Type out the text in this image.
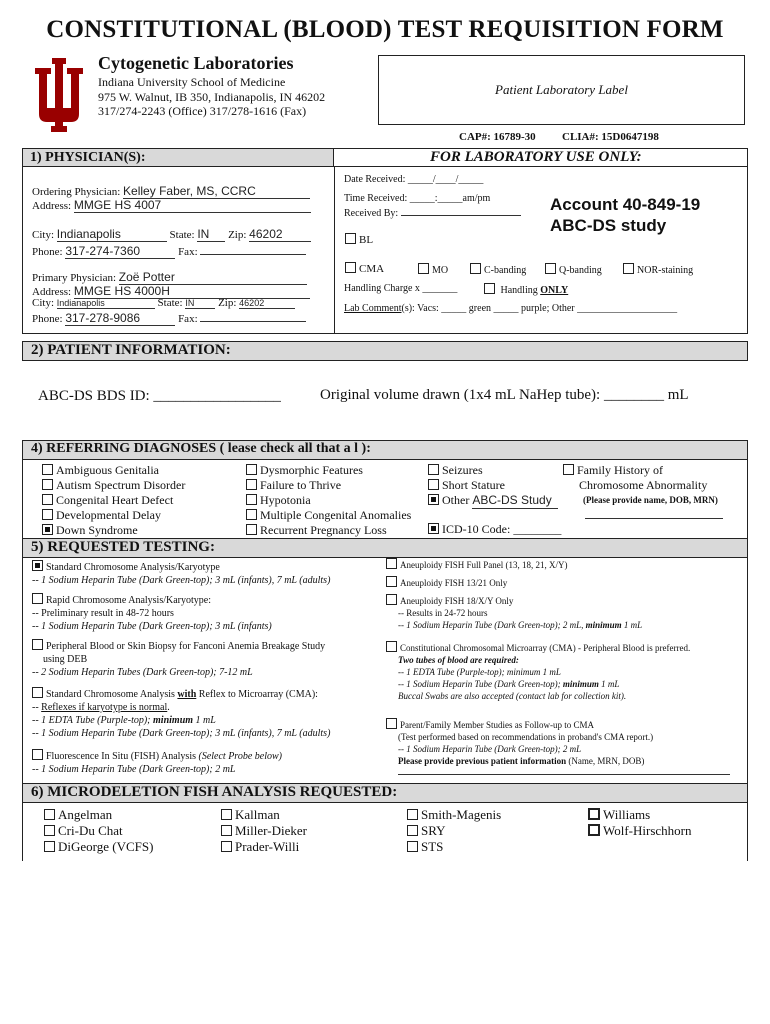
CONSTITUTIONAL (BLOOD) TEST REQUISITION FORM
Cytogenetic Laboratories
Indiana University School of Medicine
975 W. Walnut, IB 350, Indianapolis, IN 46202
317/274-2243 (Office) 317/278-1616 (Fax)
Patient Laboratory Label
CAP#: 16789-30 CLIA#: 15D0647198
1) PHYSICIAN(S):	FOR LABORATORY USE ONLY:
Ordering Physician: Kelley Faber, MS, CCRC
Address: MMGE HS 4007
City: Indianapolis	State: IN Zip: 46202
Phone: 317-274-7360	Fax:
Primary Physician: Zoë Potter
Address: MMGE HS 4000H
City: Indianapolis	State: IN Zip: 46202
Phone: 317-278-9086	Fax:
Date Received: _____/____/_____
Time Received: _____:_____am/pm
Received By:	Account 40-849-19
ABC-DS study
BL
CMA	MO	C-banding	Q-banding	NOR-staining
Handling Charge x _______	Handling ONLY
Lab Comment(s): Vacs: _____ green _____ purple; Other ____________________
2) PATIENT INFORMATION:
ABC-DS BDS ID: _________________	Original volume drawn (1x4 mL NaHep tube): ________ mL
4) REFERRING DIAGNOSES ( lease check all that a l ):
Ambiguous Genitalia
Autism Spectrum Disorder
Congenital Heart Defect
Developmental Delay
Down Syndrome
Dysmorphic Features
Failure to Thrive
Hypotonia
Multiple Congenital Anomalies
Recurrent Pregnancy Loss
Seizures
Short Stature
Other ABC-DS Study
ICD-10 Code: ________
Family History of
Chromosome Abnormality
(Please provide name, DOB, MRN)
5) REQUESTED TESTING:
Standard Chromosome Analysis/Karyotype
-- 1 Sodium Heparin Tube (Dark Green-top); 3 mL (infants), 7 mL (adults)
Rapid Chromosome Analysis/Karyotype:
-- Preliminary result in 48-72 hours
-- 1 Sodium Heparin Tube (Dark Green-top); 3 mL (infants)
Peripheral Blood or Skin Biopsy for Fanconi Anemia Breakage Study
using DEB
-- 2 Sodium Heparin Tubes (Dark Green-top); 7-12 mL
Standard Chromosome Analysis with Reflex to Microarray (CMA):
-- Reflexes if karyotype is normal.
-- 1 EDTA Tube (Purple-top); minimum 1 mL
-- 1 Sodium Heparin Tube (Dark Green-top); 3 mL (infants), 7 mL (adults)
Fluorescence In Situ (FISH) Analysis (Select Probe below)
-- 1 Sodium Heparin Tube (Dark Green-top); 2 mL
Aneuploidy FISH Full Panel (13, 18, 21, X/Y)
Aneuploidy FISH 13/21 Only
Aneuploidy FISH 18/X/Y Only
-- Results in 24-72 hours
-- 1 Sodium Heparin Tube (Dark Green-top); 2 mL, minimum 1 mL
Constitutional Chromosomal Microarray (CMA) - Peripheral Blood is preferred.
Two tubes of blood are required:
-- 1 EDTA Tube (Purple-top); minimum 1 mL
-- 1 Sodium Heparin Tube (Dark Green-top); minimum 1 mL
Buccal Swabs are also accepted (contact lab for collection kit).
Parent/Family Member Studies as Follow-up to CMA
(Test performed based on recommendations in proband's CMA report.)
-- 1 Sodium Heparin Tube (Dark Green-top); 2 mL
Please provide previous patient information (Name, MRN, DOB)
6) MICRODELETION FISH ANALYSIS REQUESTED:
Angelman
Cri-Du Chat
DiGeorge (VCFS)
Kallman
Miller-Dieker
Prader-Willi
Smith-Magenis
SRY
STS
Williams
Wolf-Hirschhorn
